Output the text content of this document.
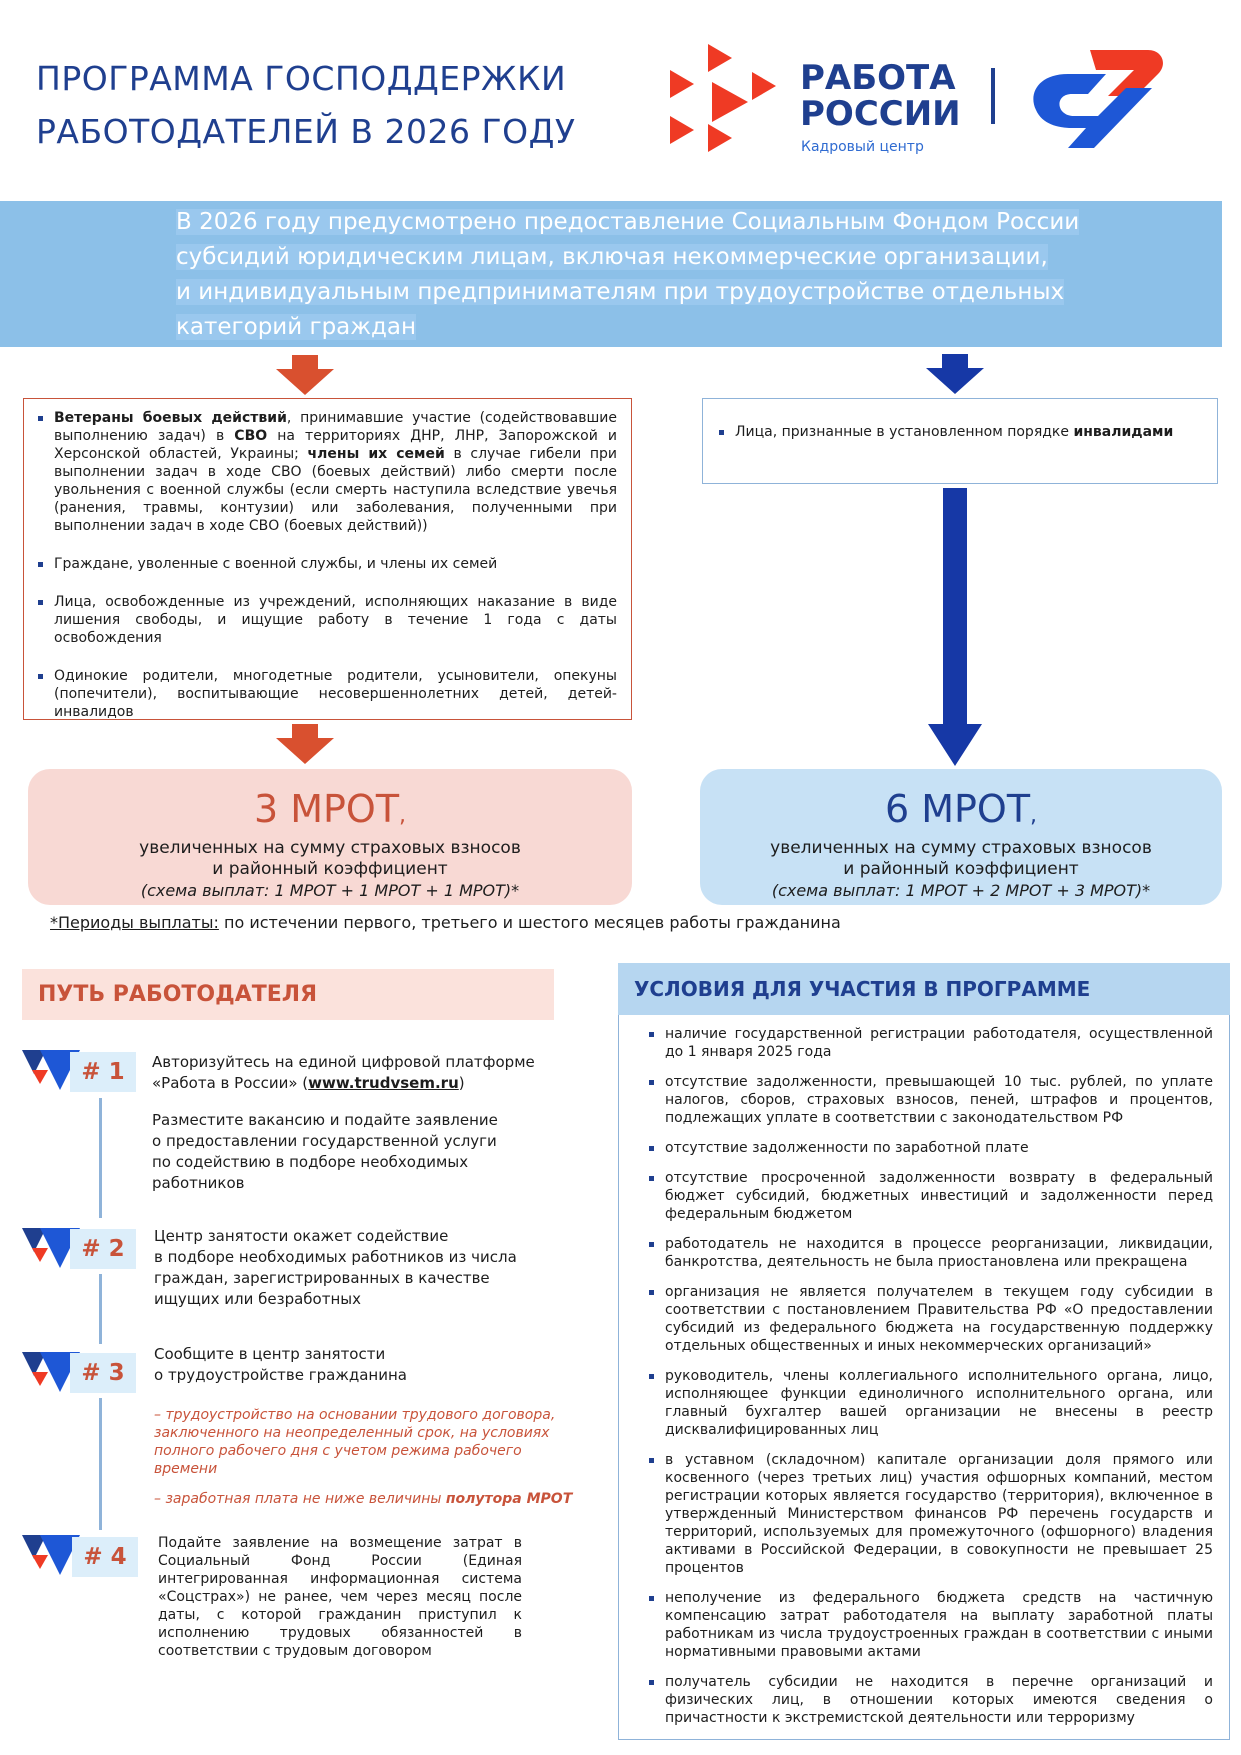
ПРОГРАММА ГОСПОДДЕРЖКИ
РАБОТОДАТЕЛЕЙ В 2026 ГОДУ
РАБОТА
РОССИИ
Кадровый центр
В 2026 году предусмотрено предоставление Социальным Фондом России
субсидий юридическим лицам, включая некоммерческие организации,
и индивидуальным предпринимателям при трудоустройстве отдельных
категорий граждан
Ветераны боевых действий, принимавшие участие (содействовавшие выполнению задач) в СВО на территориях ДНР, ЛНР, Запорожской и Херсонской областей, Украины; члены их семей в случае гибели при выполнении задач в ходе СВО (боевых действий) либо смерти после увольнения с военной службы (если смерть наступила вследствие увечья (ранения, травмы, контузии) или заболевания, полученными при выполнении задач в ходе СВО (боевых действий))
Граждане, уволенные с военной службы, и члены их семей
Лица, освобожденные из учреждений, исполняющих наказание в виде лишения свободы, и ищущие работу в течение 1 года с даты освобождения
Одинокие родители, многодетные родители, усыновители, опекуны (попечители), воспитывающие несовершеннолетних детей, детей-инвалидов
Лица, признанные в установленном порядке инвалидами
3 МРОТ,
увеличенных на сумму страховых взносов
и районный коэффициент
(схема выплат: 1 МРОТ + 1 МРОТ + 1 МРОТ)*
6 МРОТ,
увеличенных на сумму страховых взносов
и районный коэффициент
(схема выплат: 1 МРОТ + 2 МРОТ + 3 МРОТ)*
*Периоды выплаты: по истечении первого, третьего и шестого месяцев работы гражданина
ПУТЬ РАБОТОДАТЕЛЯ
# 1
# 2
# 3
# 4
Авторизуйтесь на единой цифровой платформе
«Работа в России» (www.trudvsem.ru)
Разместите вакансию и подайте заявление
о предоставлении государственной услуги
по содействию в подборе необходимых
работников
Центр занятости окажет содействие
в подборе необходимых работников из числа
граждан, зарегистрированных в качестве
ищущих или безработных
Сообщите в центр занятости
о трудоустройстве гражданина
– трудоустройство на основании трудового договора,
заключенного на неопределенный срок, на условиях
полного рабочего дня с учетом режима рабочего
времени
– заработная плата не ниже величины полутора МРОТ
Подайте заявление на возмещение затрат в Социальный Фонд России (Единая интегрированная информационная система «Соцстрах») не ранее, чем через месяц после даты, с которой гражданин приступил к исполнению трудовых обязанностей в соответствии с трудовым договором
УСЛОВИЯ ДЛЯ УЧАСТИЯ В ПРОГРАММЕ
наличие государственной регистрации работодателя, осуществленной до 1 января 2025 года
отсутствие задолженности, превышающей 10 тыс. рублей, по уплате налогов, сборов, страховых взносов, пеней, штрафов и процентов, подлежащих уплате в соответствии с законодательством РФ
отсутствие задолженности по заработной плате
отсутствие просроченной задолженности возврату в федеральный бюджет субсидий, бюджетных инвестиций и задолженности перед федеральным бюджетом
работодатель не находится в процессе реорганизации, ликвидации, банкротства, деятельность не была приостановлена или прекращена
организация не является получателем в текущем году субсидии в соответствии с постановлением Правительства РФ «О предоставлении субсидий из федерального бюджета на государственную поддержку отдельных общественных и иных некоммерческих организаций»
руководитель, члены коллегиального исполнительного органа, лицо, исполняющее функции единоличного исполнительного органа, или главный бухгалтер вашей организации не внесены в реестр дисквалифицированных лиц
в уставном (складочном) капитале организации доля прямого или косвенного (через третьих лиц) участия офшорных компаний, местом регистрации которых является государство (территория), включенное в утвержденный Министерством финансов РФ перечень государств и территорий, используемых для промежуточного (офшорного) владения активами в Российской Федерации, в совокупности не превышает 25 процентов
неполучение из федерального бюджета средств на частичную компенсацию затрат работодателя на выплату заработной платы работникам из числа трудоустроенных граждан в соответствии с иными нормативными правовыми актами
получатель субсидии не находится в перечне организаций и физических лиц, в отношении которых имеются сведения о причастности к экстремистской деятельности или терроризму
